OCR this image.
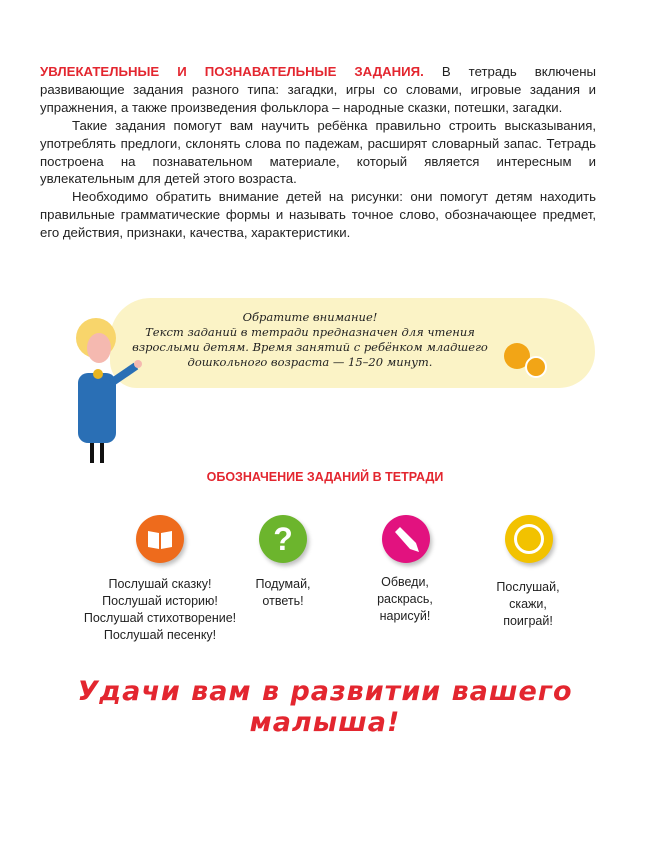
УВЛЕКАТЕЛЬНЫЕ И ПОЗНАВАТЕЛЬНЫЕ ЗАДАНИЯ. В тетрадь включены развивающие задания разного типа: загадки, игры со словами, игровые задания и упражнения, а также произведения фольклора – народные сказки, потешки, загадки.

Такие задания помогут вам научить ребёнка правильно строить высказывания, употреблять предлоги, склонять слова по падежам, расширят словарный запас. Тетрадь построена на познавательном материале, который является интересным и увлекательным для детей этого возраста.

Необходимо обратить внимание детей на рисунки: они помогут детям находить правильные грамматические формы и называть точное слово, обозначающее предмет, его действия, признаки, качества, характеристики.

Обратите внимание!
Текст заданий в тетради предназначен для чтения взрослыми детям. Время занятий с ребёнком младшего дошкольного возраста — 15–20 минут.
ОБОЗНАЧЕНИЕ ЗАДАНИЙ В ТЕТРАДИ
?
Послушай сказку!
Послушай историю!
Послушай стихотворение!
Послушай песенку!
Подумай,
ответь!
Обведи,
раскрась,
нарисуй!
Послушай,
скажи,
поиграй!
Удачи вам в развитии вашего малыша!
